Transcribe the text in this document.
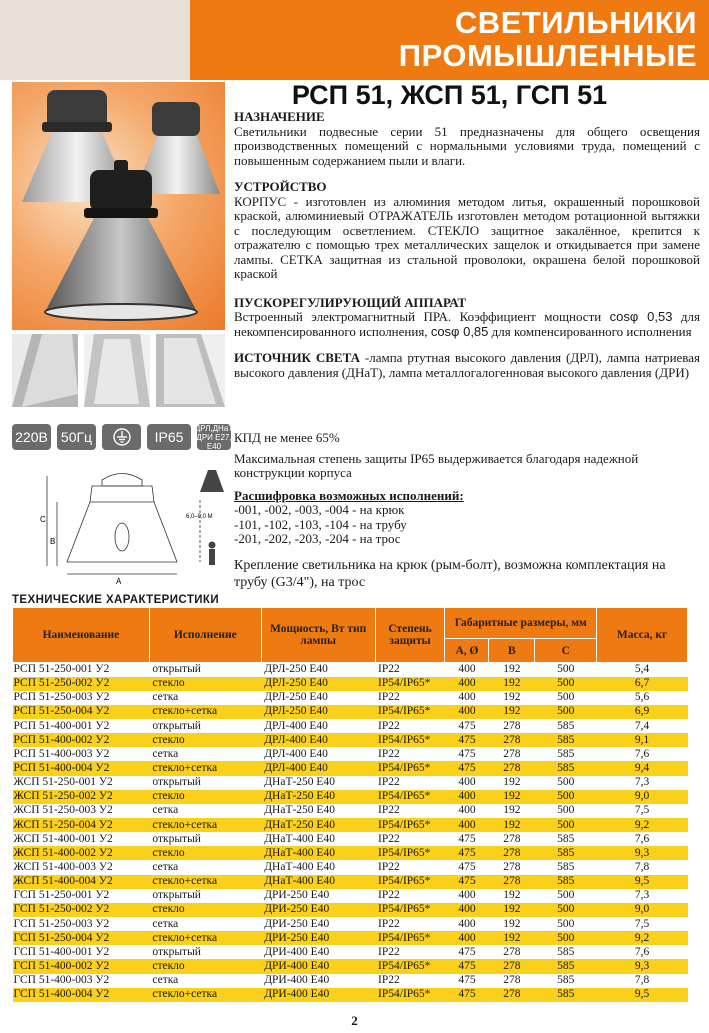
СВЕТИЛЬНИКИ
ПРОМЫШЛЕННЫЕ
РСП 51, ЖСП 51, ГСП 51
220В 50Гц	IP65
ДРЛ,ДНаТ ДРИ Е27, Е40
НАЗНАЧЕНИЕ

Светильники подвесные серии 51 предназначены для общего освещения производственных помещений с нормальными условиями труда, помещений с повышенным содержанием пыли и влаги.

УСТРОЙСТВО

КОРПУС - изготовлен из алюминия методом литья, окрашенный порошковой краской, алюминиевый ОТРАЖАТЕЛЬ изготовлен методом ротационной вытяжки с последующим осветлением. СТЕКЛО защитное закалённое, крепится к отражателю с помощью трех металлических защелок и откидывается при замене лампы. СЕТКА защитная из стальной проволоки, окрашена белой порошковой краской

ПУСКОРЕГУЛИРУЮЩИЙ АППАРАТ

Встроенный электромагнитный ПРА. Коэффициент мощности cosφ 0,53 для некомпенсированного исполнения, cosφ 0,85 для компенсированного исполнения

ИСТОЧНИК СВЕТА -лампа ртутная высокого давления (ДРЛ), лампа натриевая высокого давления (ДНаТ), лампа металлогалогенновая высокого давления (ДРИ)

КПД не менее 65%

Максимальная степень защиты IP65 выдерживается благодаря надежной конструкции корпуса

Расшифровка возможных исполнений:

-001, -002, -003, -004 - на крюк

-101, -102, -103, -104 - на трубу

-201, -202, -203, -204 - на трос

Крепление светильника на крюк (рым-болт), возможна комплектация на трубу (G3/4"), на трос
C
B
A
6,0–9,0 М
ТЕХНИЧЕСКИЕ ХАРАКТЕРИСТИКИ
Наименование	Исполнение	Мощность, Вт тип лампы	Степень защиты	Габаритные размеры, мм			Масса, кг
				A, Ø	B	C	
РСП 51-250-001 У2	открытый	ДРЛ-250 Е40	IP22	400	192	500	5,4
РСП 51-250-002 У2	стекло	ДРЛ-250 Е40	IP54/IP65*	400	192	500	6,7
РСП 51-250-003 У2	сетка	ДРЛ-250 Е40	IP22	400	192	500	5,6
РСП 51-250-004 У2	стекло+сетка	ДРЛ-250 Е40	IP54/IP65*	400	192	500	6,9
РСП 51-400-001 У2	открытый	ДРЛ-400 Е40	IP22	475	278	585	7,4
РСП 51-400-002 У2	стекло	ДРЛ-400 Е40	IP54/IP65*	475	278	585	9,1
РСП 51-400-003 У2	сетка	ДРЛ-400 Е40	IP22	475	278	585	7,6
РСП 51-400-004 У2	стекло+сетка	ДРЛ-400 Е40	IP54/IP65*	475	278	585	9,4
ЖСП 51-250-001 У2	открытый	ДНаТ-250 Е40	IP22	400	192	500	7,3
ЖСП 51-250-002 У2	стекло	ДНаТ-250 Е40	IP54/IP65*	400	192	500	9,0
ЖСП 51-250-003 У2	сетка	ДНаТ-250 Е40	IP22	400	192	500	7,5
ЖСП 51-250-004 У2	стекло+сетка	ДНаТ-250 Е40	IP54/IP65*	400	192	500	9,2
ЖСП 51-400-001 У2	открытый	ДНаТ-400 Е40	IP22	475	278	585	7,6
ЖСП 51-400-002 У2	стекло	ДНаТ-400 Е40	IP54/IP65*	475	278	585	9,3
ЖСП 51-400-003 У2	сетка	ДНаТ-400 Е40	IP22	475	278	585	7,8
ЖСП 51-400-004 У2	стекло+сетка	ДНаТ-400 Е40	IP54/IP65*	475	278	585	9,5
ГСП 51-250-001 У2	открытый	ДРИ-250 Е40	IP22	400	192	500	7,3
ГСП 51-250-002 У2	стекло	ДРИ-250 Е40	IP54/IP65*	400	192	500	9,0
ГСП 51-250-003 У2	сетка	ДРИ-250 Е40	IP22	400	192	500	7,5
ГСП 51-250-004 У2	стекло+сетка	ДРИ-250 Е40	IP54/IP65*	400	192	500	9,2
ГСП 51-400-001 У2	открытый	ДРИ-400 Е40	IP22	475	278	585	7,6
ГСП 51-400-002 У2	стекло	ДРИ-400 Е40	IP54/IP65*	475	278	585	9,3
ГСП 51-400-003 У2	сетка	ДРИ-400 Е40	IP22	475	278	585	7,8
ГСП 51-400-004 У2	стекло+сетка	ДРИ-400 Е40	IP54/IP65*	475	278	585	9,5
2
